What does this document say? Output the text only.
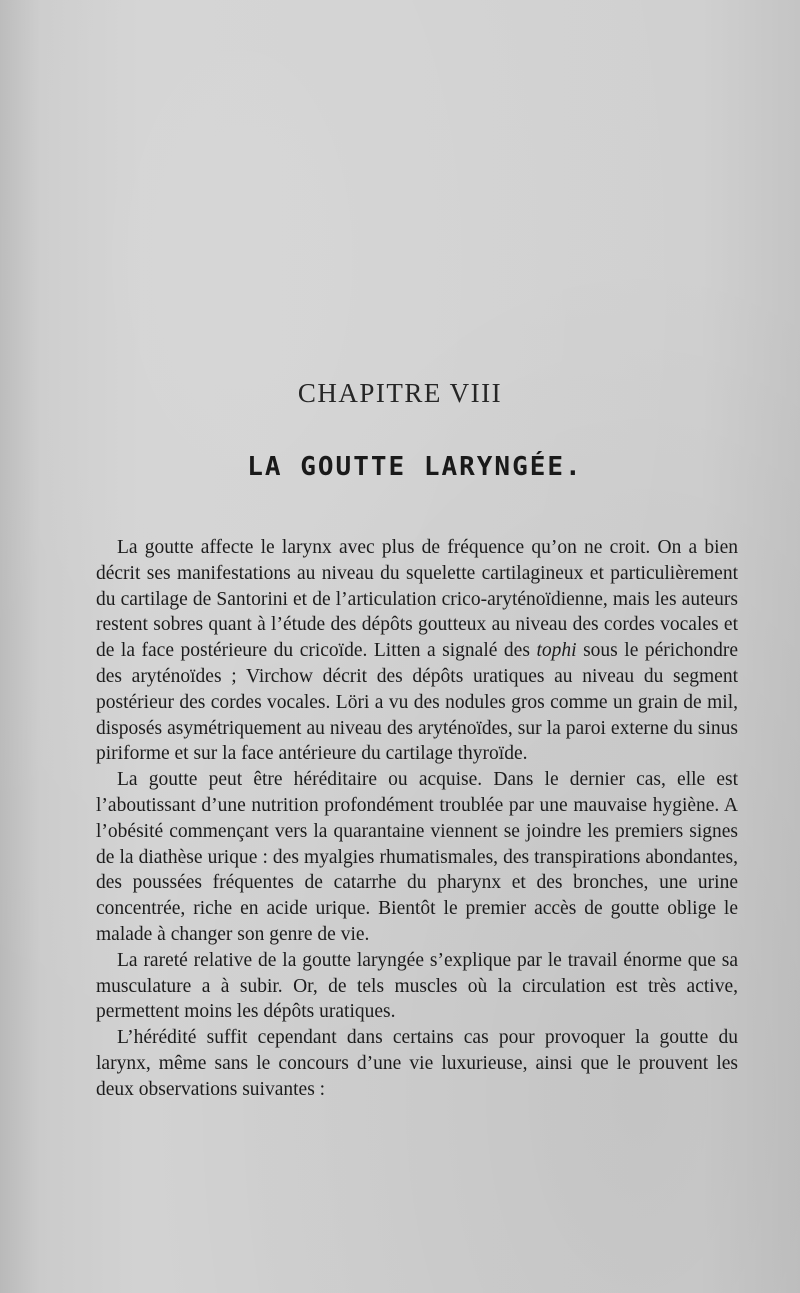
CHAPITRE VIII
LA GOUTTE LARYNGÉE.

La goutte affecte le larynx avec plus de fréquence qu’on ne croit. On a bien décrit ses manifestations au niveau du squelette cartilagineux et particulièrement du cartilage de Santorini et de l’articulation crico-aryténoïdienne, mais les auteurs restent sobres quant à l’étude des dépôts goutteux au niveau des cordes vocales et de la face postérieure du cricoïde. Litten a signalé des tophi sous le périchondre des aryténoïdes ; Virchow décrit des dépôts uratiques au niveau du segment postérieur des cordes vocales. Löri a vu des nodules gros comme un grain de mil, disposés asymétriquement au niveau des aryténoïdes, sur la paroi externe du sinus piriforme et sur la face antérieure du cartilage thyroïde.

La goutte peut être héréditaire ou acquise. Dans le dernier cas, elle est l’aboutissant d’une nutrition profondément troublée par une mauvaise hygiène. A l’obésité commençant vers la quarantaine viennent se joindre les premiers signes de la diathèse urique : des myalgies rhumatismales, des transpirations abondantes, des poussées fréquentes de catarrhe du pharynx et des bronches, une urine concentrée, riche en acide urique. Bientôt le premier accès de goutte oblige le malade à changer son genre de vie.

La rareté relative de la goutte laryngée s’explique par le travail énorme que sa musculature a à subir. Or, de tels muscles où la circulation est très active, permettent moins les dépôts uratiques.

L’hérédité suffit cependant dans certains cas pour provoquer la goutte du larynx, même sans le concours d’une vie luxurieuse, ainsi que le prouvent les deux observations suivantes :
